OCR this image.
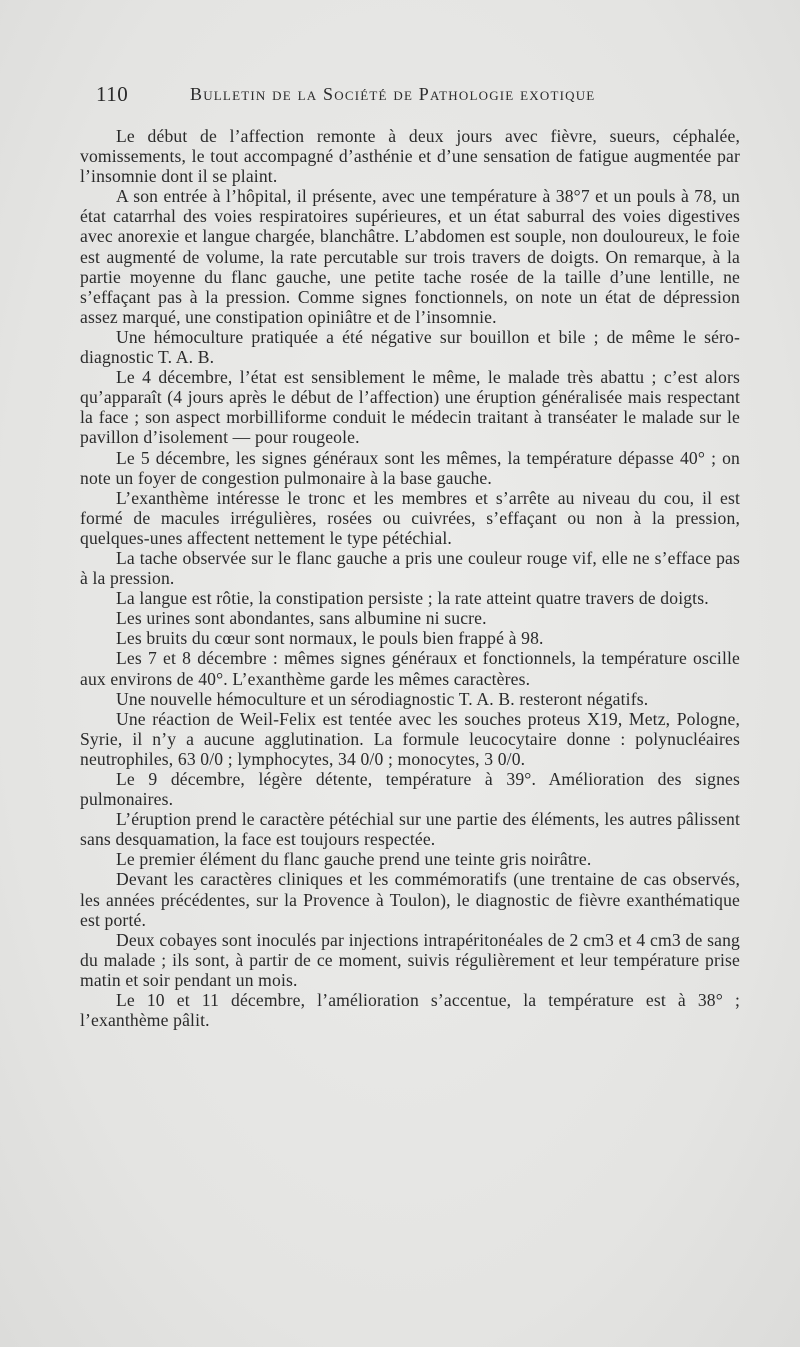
110	Bulletin de la Société de Pathologie exotique

Le début de l’affection remonte à deux jours avec fièvre, sueurs, céphalée, vomissements, le tout accompagné d’asthénie et d’une sensation de fatigue augmentée par l’insomnie dont il se plaint.

A son entrée à l’hôpital, il présente, avec une température à 38°7 et un pouls à 78, un état catarrhal des voies respiratoires supérieures, et un état saburral des voies digestives avec anorexie et langue chargée, blanchâtre. L’abdomen est souple, non douloureux, le foie est augmenté de volume, la rate percutable sur trois travers de doigts. On remarque, à la partie moyenne du flanc gauche, une petite tache rosée de la taille d’une lentille, ne s’effaçant pas à la pression. Comme signes fonctionnels, on note un état de dépression assez marqué, une constipation opiniâtre et de l’insomnie.

Une hémoculture pratiquée a été négative sur bouillon et bile ; de même le séro-diagnostic T. A. B.

Le 4 décembre, l’état est sensiblement le même, le malade très abattu ; c’est alors qu’apparaît (4 jours après le début de l’affection) une éruption généralisée mais respectant la face ; son aspect morbilliforme conduit le médecin traitant à transéater le malade sur le pavillon d’isolement — pour rougeole.

Le 5 décembre, les signes généraux sont les mêmes, la température dépasse 40° ; on note un foyer de congestion pulmonaire à la base gauche.

L’exanthème intéresse le tronc et les membres et s’arrête au niveau du cou, il est formé de macules irrégulières, rosées ou cuivrées, s’effaçant ou non à la pression, quelques-unes affectent nettement le type pétéchial.

La tache observée sur le flanc gauche a pris une couleur rouge vif, elle ne s’efface pas à la pression.

La langue est rôtie, la constipation persiste ; la rate atteint quatre travers de doigts.

Les urines sont abondantes, sans albumine ni sucre.

Les bruits du cœur sont normaux, le pouls bien frappé à 98.

Les 7 et 8 décembre : mêmes signes généraux et fonctionnels, la température oscille aux environs de 40°. L’exanthème garde les mêmes caractères.

Une nouvelle hémoculture et un sérodiagnostic T. A. B. resteront négatifs.

Une réaction de Weil-Felix est tentée avec les souches proteus X19, Metz, Pologne, Syrie, il n’y a aucune agglutination. La formule leucocytaire donne : polynucléaires neutrophiles, 63 0/0 ; lymphocytes, 34 0/0 ; monocytes, 3 0/0.

Le 9 décembre, légère détente, température à 39°. Amélioration des signes pulmonaires.

L’éruption prend le caractère pétéchial sur une partie des éléments, les autres pâlissent sans desquamation, la face est toujours respectée.

Le premier élément du flanc gauche prend une teinte gris noirâtre.

Devant les caractères cliniques et les commémoratifs (une trentaine de cas observés, les années précédentes, sur la Provence à Toulon), le diagnostic de fièvre exanthématique est porté.

Deux cobayes sont inoculés par injections intrapéritonéales de 2 cm3 et 4 cm3 de sang du malade ; ils sont, à partir de ce moment, suivis régulièrement et leur température prise matin et soir pendant un mois.

Le 10 et 11 décembre, l’amélioration s’accentue, la température est à 38° ; l’exanthème pâlit.
